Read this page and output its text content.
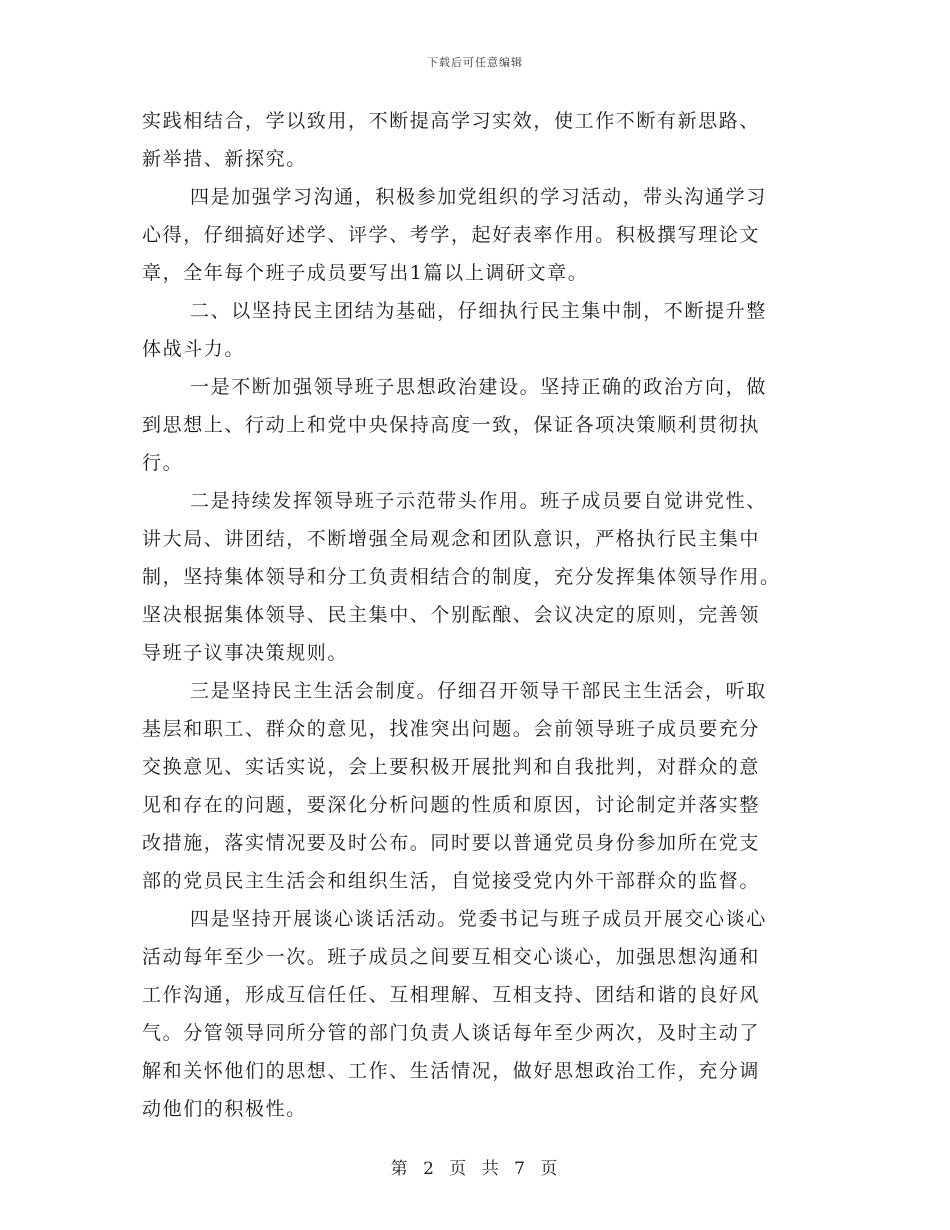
下载后可任意编辑
实践相结合，学以致用，不断提高学习实效，使工作不断有新思路、
新举措、新探究。
四是加强学习沟通，积极参加党组织的学习活动，带头沟通学习
心得，仔细搞好述学、评学、考学，起好表率作用。积极撰写理论文
章，全年每个班子成员要写出1篇以上调研文章。
二、以坚持民主团结为基础，仔细执行民主集中制，不断提升整
体战斗力。
一是不断加强领导班子思想政治建设。坚持正确的政治方向，做
到思想上、行动上和党中央保持高度一致，保证各项决策顺利贯彻执
行。
二是持续发挥领导班子示范带头作用。班子成员要自觉讲党性、
讲大局、讲团结，不断增强全局观念和团队意识，严格执行民主集中
制，坚持集体领导和分工负责相结合的制度，充分发挥集体领导作用。
坚决根据集体领导、民主集中、个别酝酿、会议决定的原则，完善领
导班子议事决策规则。
三是坚持民主生活会制度。仔细召开领导干部民主生活会，听取
基层和职工、群众的意见，找准突出问题。会前领导班子成员要充分
交换意见、实话实说，会上要积极开展批判和自我批判，对群众的意
见和存在的问题，要深化分析问题的性质和原因，讨论制定并落实整
改措施，落实情况要及时公布。同时要以普通党员身份参加所在党支
部的党员民主生活会和组织生活，自觉接受党内外干部群众的监督。
四是坚持开展谈心谈话活动。党委书记与班子成员开展交心谈心
活动每年至少一次。班子成员之间要互相交心谈心，加强思想沟通和
工作沟通，形成互信任任、互相理解、互相支持、团结和谐的良好风
气。分管领导同所分管的部门负责人谈话每年至少两次，及时主动了
解和关怀他们的思想、工作、生活情况，做好思想政治工作，充分调
动他们的积极性。
第 2 页 共 7 页
